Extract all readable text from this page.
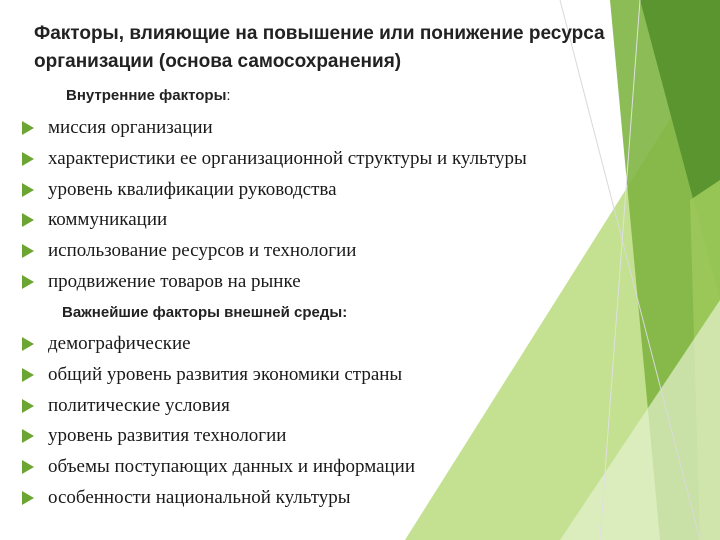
Факторы, влияющие на повышение или понижение ресурса организации (основа самосохранения)

Внутренние факторы:

миссия организации
характеристики ее организационной структуры и культуры
уровень квалификации руководства
коммуникации
использование ресурсов и технологии
продвижение товаров на рынке

Важнейшие факторы внешней среды:

демографические
общий уровень развития экономики страны
политические условия
уровень развития технологии
объемы поступающих данных и информации
особенности национальной культуры
